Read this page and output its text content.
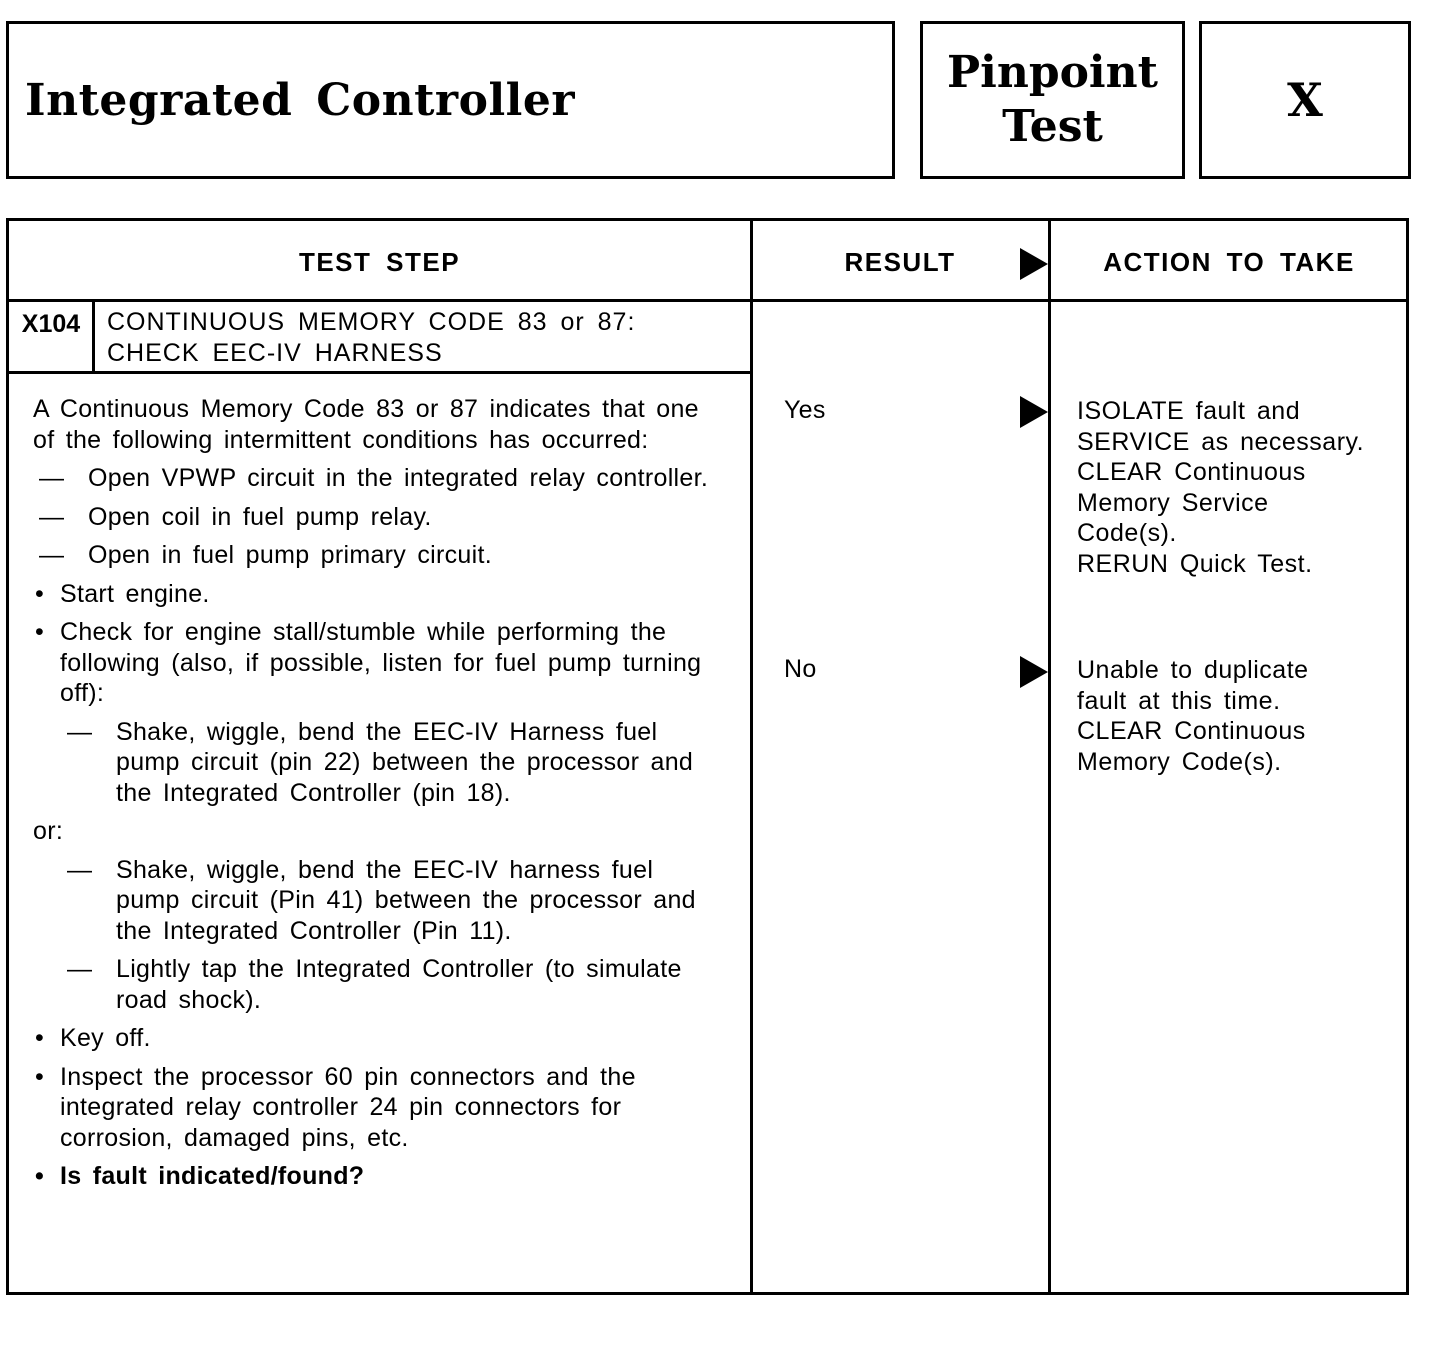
Integrated Controller
Pinpoint
Test	X
TEST STEP	RESULT	ACTION TO TAKE
X104	CONTINUOUS MEMORY CODE 83 or 87:
CHECK EEC-IV HARNESS

A Continuous Memory Code 83 or 87 indicates that one of the following intermittent conditions has occurred:

— Open VPWP circuit in the integrated relay controller.
— Open coil in fuel pump relay.
— Open in fuel pump primary circuit.
• Start engine.
• Check for engine stall/stumble while performing the following (also, if possible, listen for fuel pump turning off):
— Shake, wiggle, bend the EEC-IV Harness fuel pump circuit (pin 22) between the processor and the Integrated Controller (pin 18).
or:
— Shake, wiggle, bend the EEC-IV harness fuel pump circuit (Pin 41) between the processor and the Integrated Controller (Pin 11).
— Lightly tap the Integrated Controller (to simulate road shock).
• Key off.
• Inspect the processor 60 pin connectors and the integrated relay controller 24 pin connectors for corrosion, damaged pins, etc.
• Is fault indicated/found?
Yes	ISOLATE fault and
SERVICE as necessary.
CLEAR Continuous
Memory Service
Code(s).
RERUN Quick Test.
No	Unable to duplicate
fault at this time.
CLEAR Continuous
Memory Code(s).
